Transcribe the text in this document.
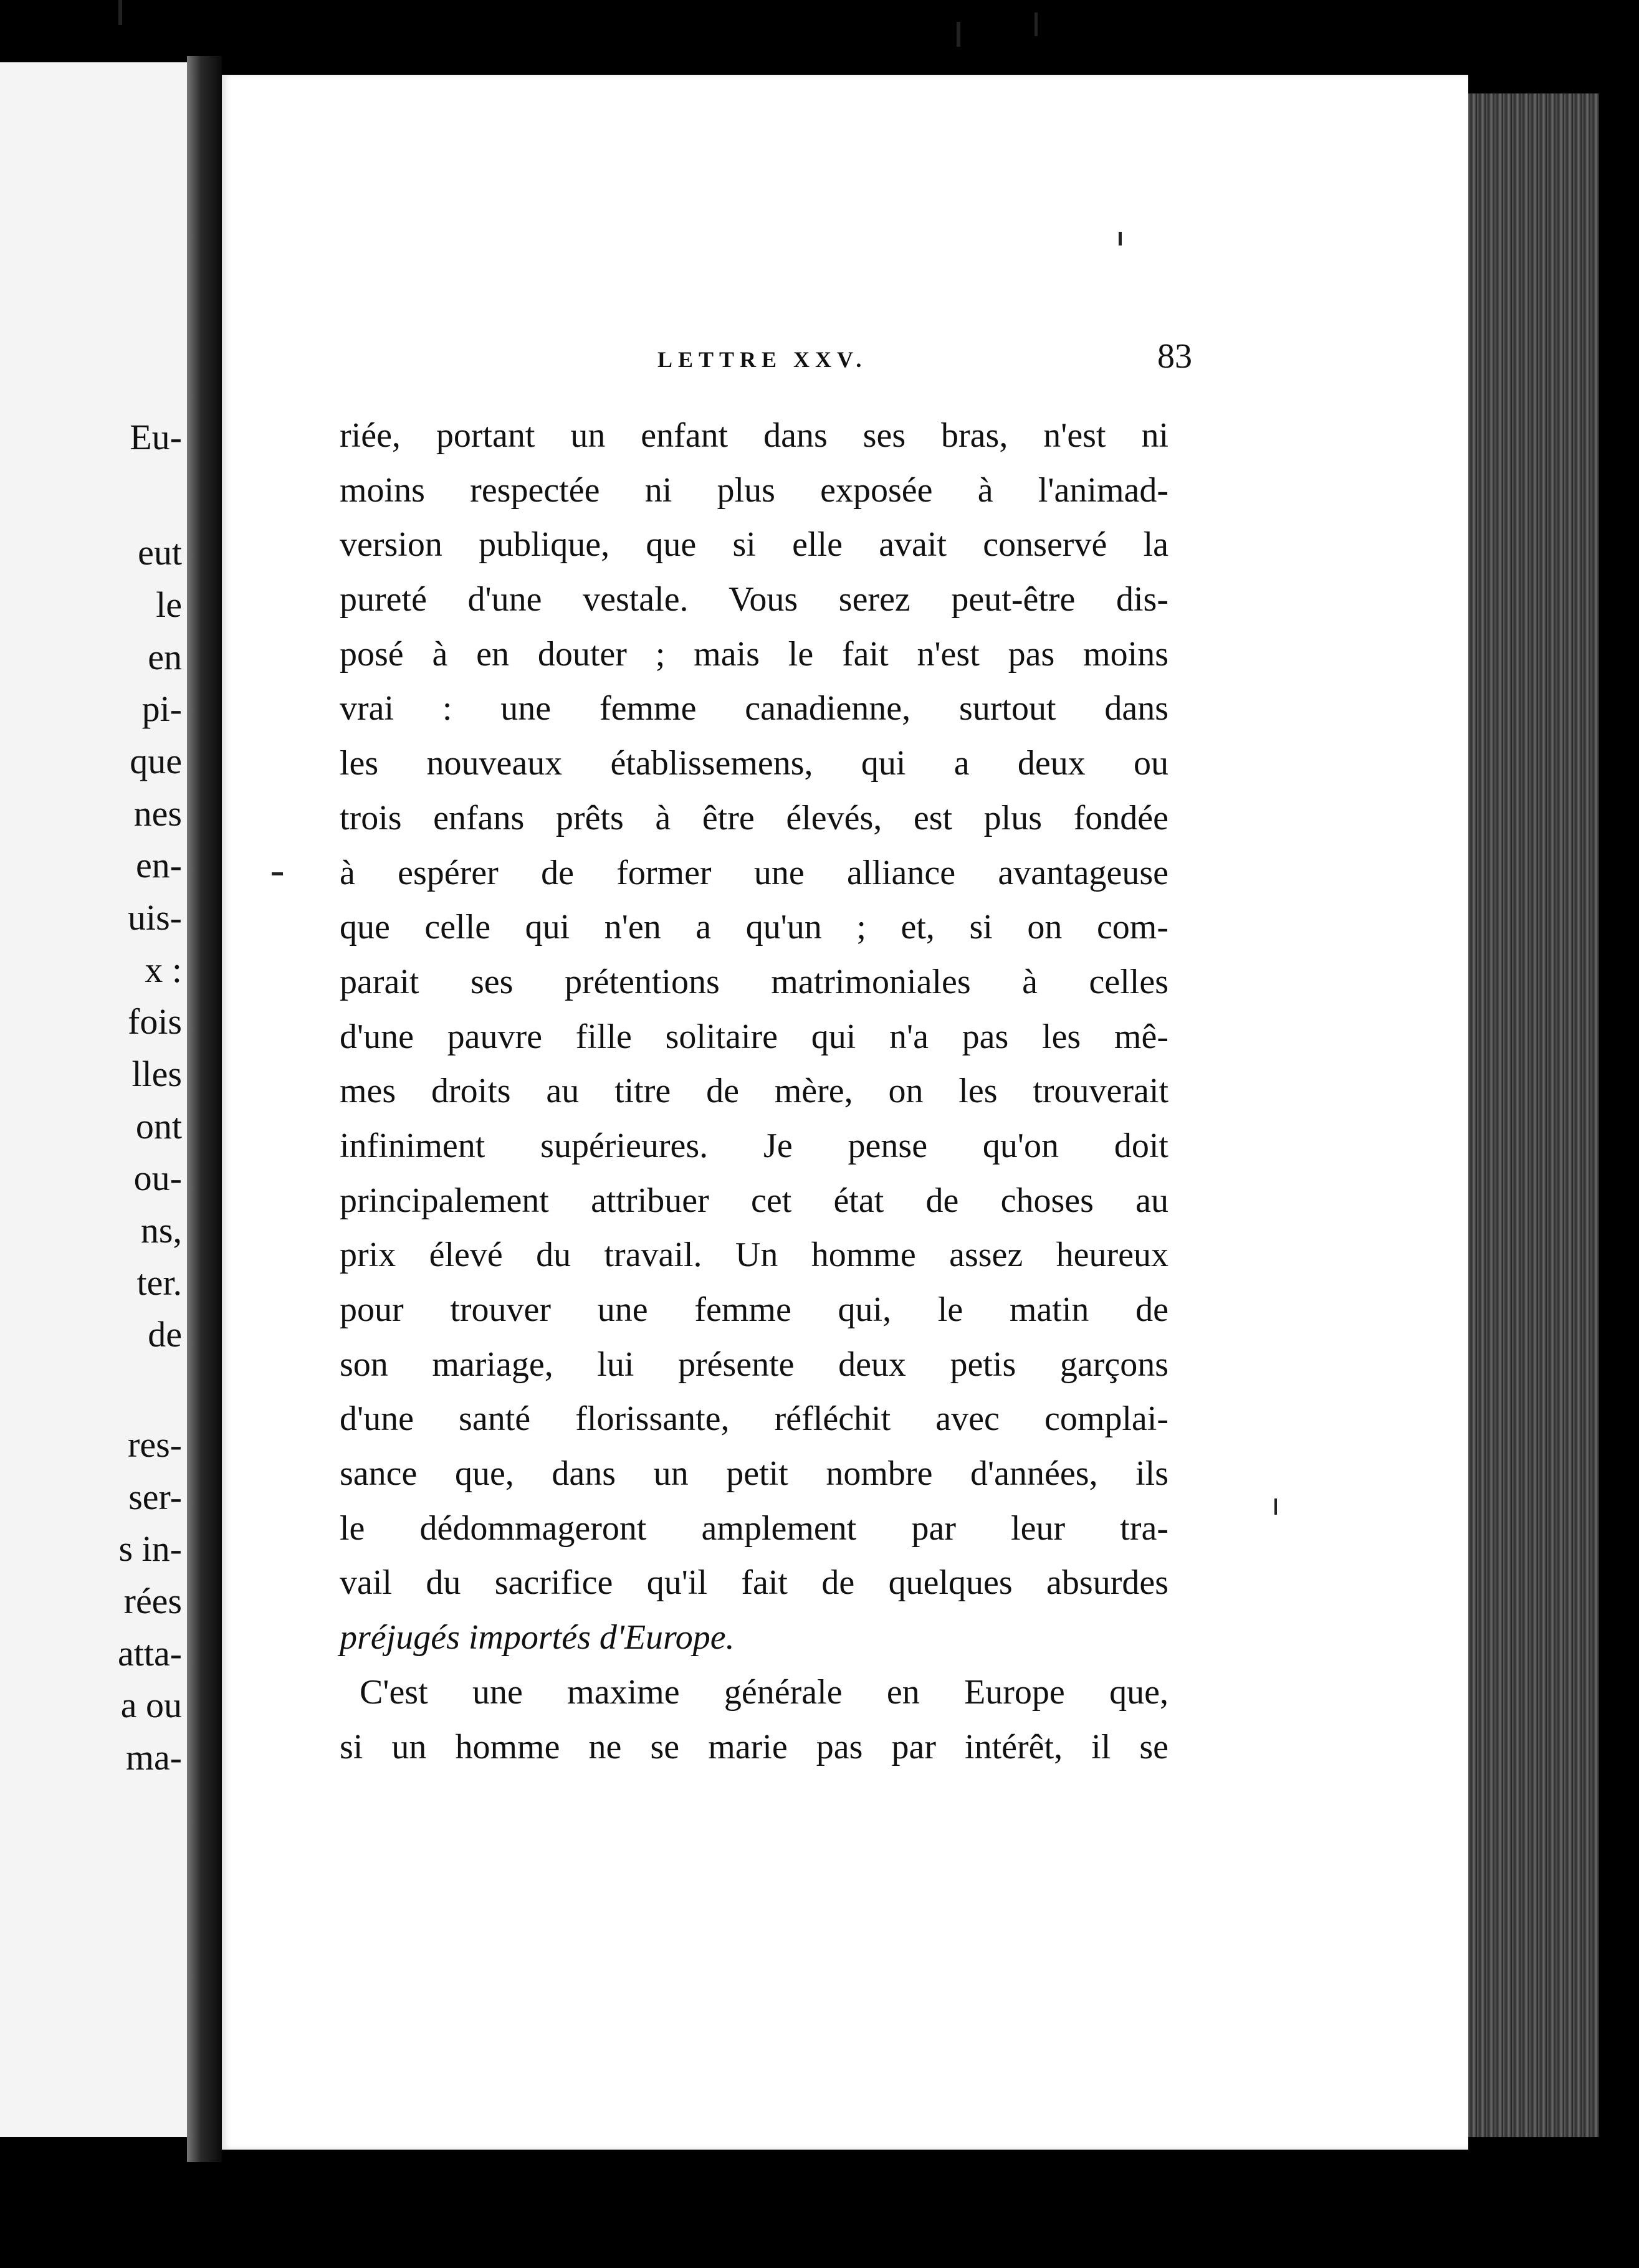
Eu-
eut
le
en
pi-
que
nes
en-
uis-
x :
fois
lles
ont
ou-
ns,
ter.
de
res-
ser-
s in-
rées
atta-
a ou
ma-
LETTRE XXV.	83
riée, portant un enfant dans ses bras, n'est ni
moins respectée ni plus exposée à l'animad-
version publique, que si elle avait conservé la
pureté d'une vestale. Vous serez peut-être dis-
posé à en douter ; mais le fait n'est pas moins
vrai : une femme canadienne, surtout dans
les nouveaux établissemens, qui a deux ou
trois enfans prêts à être élevés, est plus fondée
à espérer de former une alliance avantageuse
que celle qui n'en a qu'un ; et, si on com-
parait ses prétentions matrimoniales à celles
d'une pauvre fille solitaire qui n'a pas les mê-
mes droits au titre de mère, on les trouverait
infiniment supérieures. Je pense qu'on doit
principalement attribuer cet état de choses au
prix élevé du travail. Un homme assez heureux
pour trouver une femme qui, le matin de
son mariage, lui présente deux petis garçons
d'une santé florissante, réfléchit avec complai-
sance que, dans un petit nombre d'années, ils
le dédommageront amplement par leur tra-
vail du sacrifice qu'il fait de quelques absurdes
préjugés importés d'Europe.
C'est une maxime générale en Europe que,
si un homme ne se marie pas par intérêt, il se
